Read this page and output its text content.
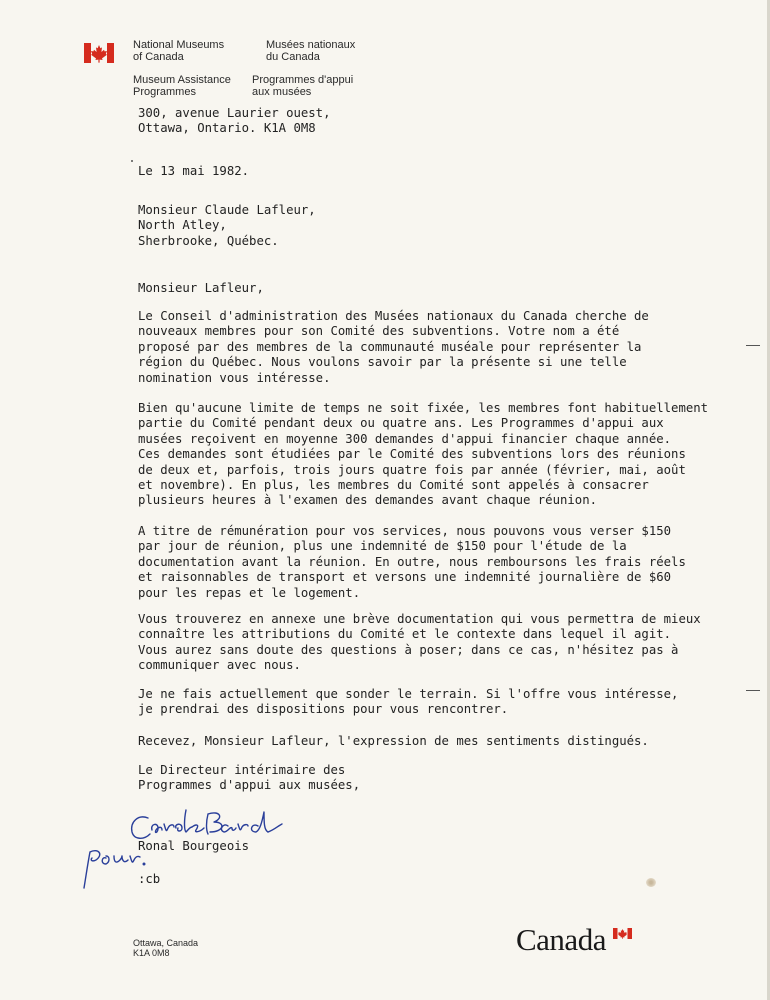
National Museums
of Canada
Musées nationaux
du Canada
Museum Assistance
Programmes
Programmes d'appui
aux musées
300, avenue Laurier ouest,
Ottawa, Ontario. K1A 0M8
Le 13 mai 1982.
Monsieur Claude Lafleur,
North Atley,
Sherbrooke, Québec.
Monsieur Lafleur,
Le Conseil d'administration des Musées nationaux du Canada cherche de
nouveaux membres pour son Comité des subventions. Votre nom a été
proposé par des membres de la communauté muséale pour représenter la
région du Québec. Nous voulons savoir par la présente si une telle
nomination vous intéresse.
Bien qu'aucune limite de temps ne soit fixée, les membres font habituellement
partie du Comité pendant deux ou quatre ans. Les Programmes d'appui aux
musées reçoivent en moyenne 300 demandes d'appui financier chaque année.
Ces demandes sont étudiées par le Comité des subventions lors des réunions
de deux et, parfois, trois jours quatre fois par année (février, mai, août
et novembre). En plus, les membres du Comité sont appelés à consacrer
plusieurs heures à l'examen des demandes avant chaque réunion.
A titre de rémunération pour vos services, nous pouvons vous verser $150
par jour de réunion, plus une indemnité de $150 pour l'étude de la
documentation avant la réunion. En outre, nous remboursons les frais réels
et raisonnables de transport et versons une indemnité journalière de $60
pour les repas et le logement.
Vous trouverez en annexe une brève documentation qui vous permettra de mieux
connaître les attributions du Comité et le contexte dans lequel il agit.
Vous aurez sans doute des questions à poser; dans ce cas, n'hésitez pas à
communiquer avec nous.
Je ne fais actuellement que sonder le terrain. Si l'offre vous intéresse,
je prendrai des dispositions pour vous rencontrer.
Recevez, Monsieur Lafleur, l'expression de mes sentiments distingués.
Le Directeur intérimaire des
Programmes d'appui aux musées,
Ronal Bourgeois
:cb
Ottawa, Canada
K1A 0M8	Canada
